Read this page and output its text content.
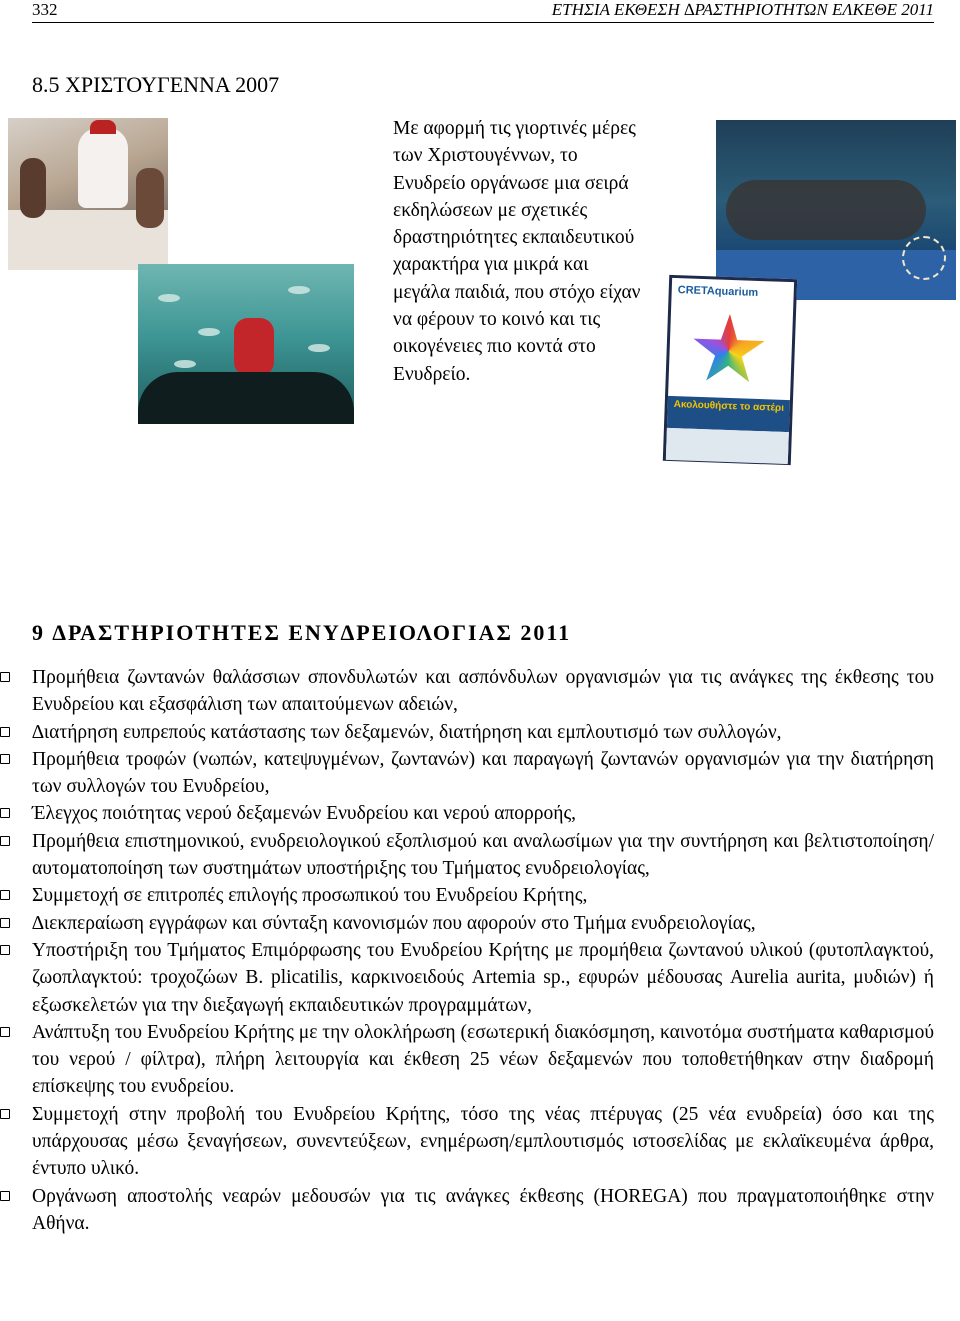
332	ΕΤΗΣΙΑ ΕΚΘΕΣΗ ∆ΡΑΣΤΗΡΙΟΤΗΤΩΝ ΕΛΚΕΘΕ 2011
8.5 ΧΡΙΣΤΟΥΓΕΝΝΑ 2007
CRETAquarium
Ακολουθήστε το αστέρι

Με αφορμή τις γιορτινές μέρες των Χριστουγέννων, το Ενυδρείο οργάνωσε μια σειρά εκδηλώσεων με σχετικές δραστηριότητες εκπαιδευτικού χαρακτήρα για μικρά και μεγάλα παιδιά, που στόχο είχαν να φέρουν το κοινό και τις οικογένειες πιο κοντά στο Ενυδρείο.

9 ∆ΡΑΣΤΗΡΙΟΤΗΤΕΣ ΕΝΥ∆ΡΕΙΟΛΟΓΙΑΣ 2011
Προμήθεια ζωντανών θαλάσσιων σπονδυλωτών και ασπόνδυλων οργανισμών για τις ανάγκες της έκθεσης του Ενυδρείου και εξασφάλιση των απαιτούμενων αδειών,
∆ιατήρηση ευπρεπούς κατάστασης των δεξαμενών, διατήρηση και εμπλουτισμό των συλλογών,
Προμήθεια τροφών (νωπών, κατεψυγμένων, ζωντανών) και παραγωγή ζωντανών οργανισμών για την διατήρηση των συλλογών του Ενυδρείου,
Έλεγχος ποιότητας νερού δεξαμενών Ενυδρείου και νερού απορροής,
Προμήθεια επιστημονικού, ενυδρειολογικού εξοπλισμού και αναλωσίμων για την συντήρηση και βελτιστοποίηση/ αυτοματοποίηση των συστημάτων υποστήριξης του Τμήματος ενυδρειολογίας,
Συμμετοχή σε επιτροπές επιλογής προσωπικού του Ενυδρείου Κρήτης,
∆ιεκπεραίωση εγγράφων και σύνταξη κανονισμών που αφορούν στο Τμήμα ενυδρειολογίας,
Υποστήριξη του Τμήματος Επιμόρφωσης του Ενυδρείου Κρήτης με προμήθεια ζωντανού υλικού (φυτοπλαγκτού, ζωοπλαγκτού: τροχοζώων B. plicatilis, καρκινοειδούς Artemia sp., εφυρών μέδουσας Aurelia aurita, μυδιών) ή εξωσκελετών για την διεξαγωγή εκπαιδευτικών προγραμμάτων,
Ανάπτυξη του Ενυδρείου Κρήτης με την ολοκλήρωση (εσωτερική διακόσμηση, καινοτόμα συστήματα καθαρισμού του νερού / φίλτρα), πλήρη λειτουργία και έκθεση 25 νέων δεξαμενών που τοποθετήθηκαν στην διαδρομή επίσκεψης του ενυδρείου.
Συμμετοχή στην προβολή του Ενυδρείου Κρήτης, τόσο της νέας πτέρυγας (25 νέα ενυδρεία) όσο και της υπάρχουσας μέσω ξεναγήσεων, συνεντεύξεων, ενημέρωση/εμπλουτισμός ιστοσελίδας με εκλαϊκευμένα άρθρα, έντυπο υλικό.
Οργάνωση αποστολής νεαρών μεδουσών για τις ανάγκες έκθεσης (HOREGA) που πραγματοποιήθηκε στην Αθήνα.
